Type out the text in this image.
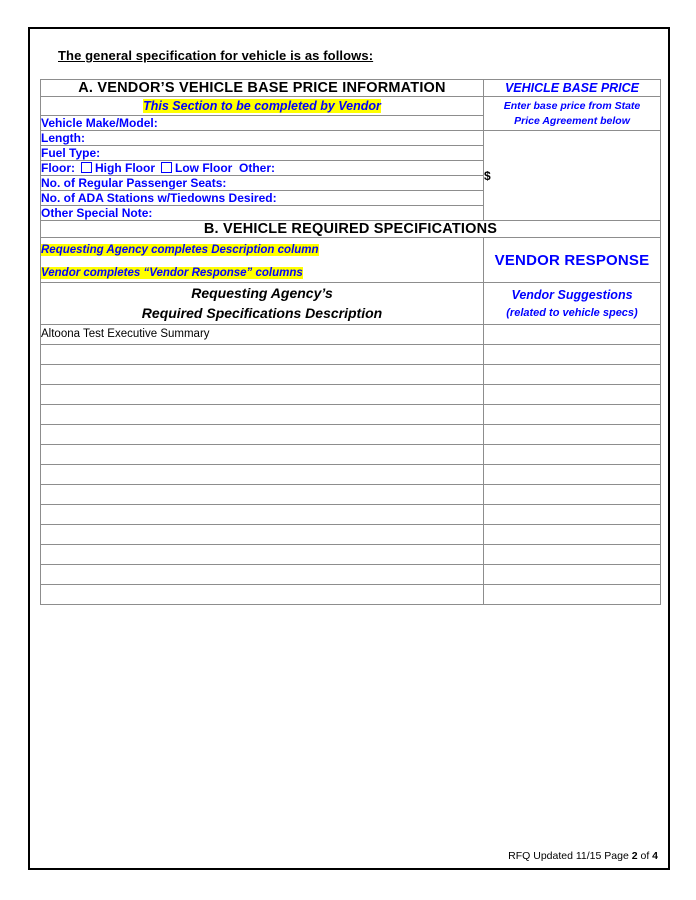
The general specification for vehicle is as follows:
A. VENDOR’S VEHICLE BASE PRICE INFORMATION	VEHICLE BASE PRICE
This Section to be completed by Vendor	Enter base price from State
Price Agreement below
Vehicle Make/Model:	
Length:	$
Fuel Type:	
Floor: High Floor Low Floor Other:	
No. of Regular Passenger Seats:	
No. of ADA Stations w/Tiedowns Desired:	
Other Special Note:	
B. VEHICLE REQUIRED SPECIFICATIONS	

Requesting Agency completes Description column
Vendor completes “Vendor Response” columns	VENDOR RESPONSE
Requesting Agency’s
Required Specifications Description	Vendor Suggestions
(related to vehicle specs)

Altoona Test Executive Summary	

RFQ Updated 11/15 Page 2 of 4
